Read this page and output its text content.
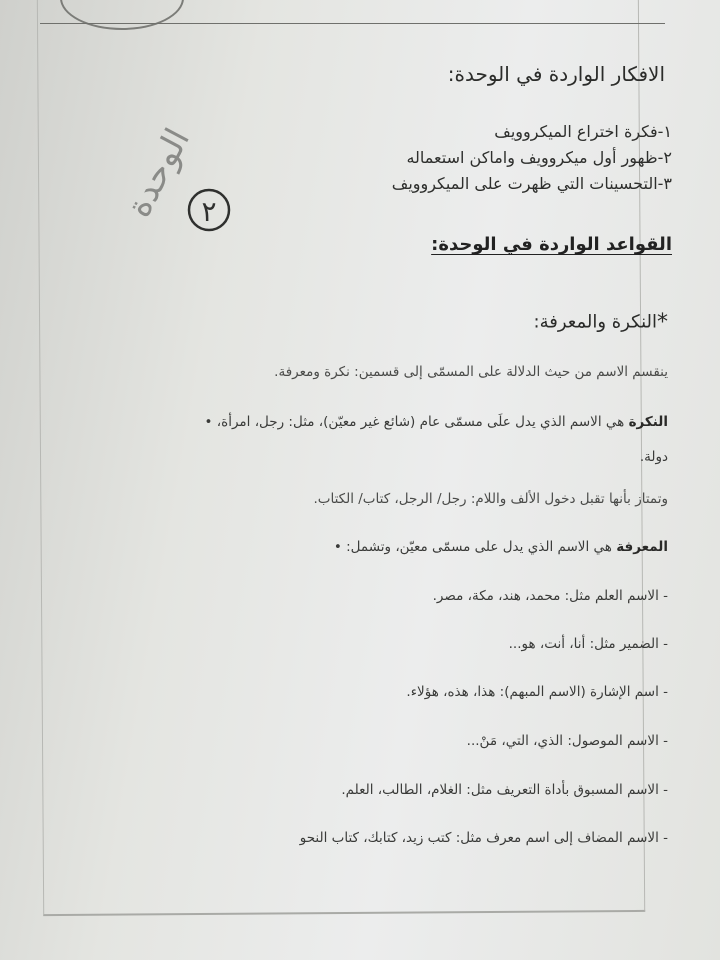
الافكار الواردة في الوحدة:
١-فكرة اختراع الميكروويف
٢-ظهور أول ميكروويف واماكن استعماله
٣-التحسينات التي ظهرت على الميكروويف
الوحدة ٢
القواعد الواردة في الوحدة:
*النكرة والمعرفة:
ينقسم الاسم من حيث الدلالة على المسمّى إلى قسمين: نكرة ومعرفة.
النكرة هي الاسم الذي يدل علَى مسمّى عام (شائع غير معيّن)، مثل: رجل، امرأة، •
دولة.
وتمتاز بأنها تقبل دخول الألف واللام: رجل/ الرجل، كتاب/ الكتاب.
المعرفة هي الاسم الذي يدل على مسمّى معيّن، وتشمل: •
- الاسم العلم مثل: محمد، هند، مكة، مصر.
- الضمير مثل: أنا، أنت، هو...
- اسم الإشارة (الاسم المبهم): هذا، هذه، هؤلاء.
- الاسم الموصول: الذي، التي، مَنْ...
- الاسم المسبوق بأداة التعريف مثل: الغلام، الطالب، العلم.
- الاسم المضاف إلى اسم معرف مثل: كتب زيد، كتابك، كتاب النحو
